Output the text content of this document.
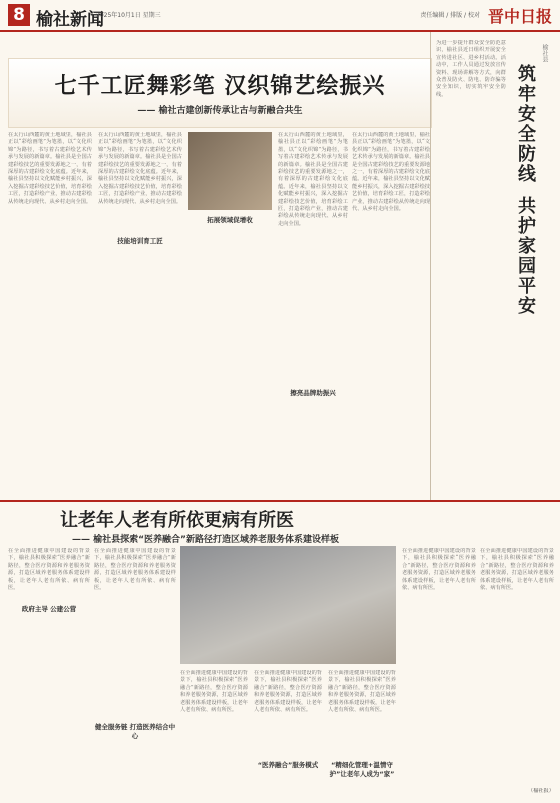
8 榆社新闻
2025年10月1日 星期三	责任编辑 / 排版 / 校对 晋中日报
七千工匠舞彩笔 汉织锦艺绘振兴
—— 榆社古建创新传承让古与新融合共生
在太行山西麓的黄土地域里，榆社县正以“彩绘画笔”为笔墨，以“文化织锦”为路径，书写着古建彩绘艺术传承与发展的新篇章。榆社县是全国古建彩绘技艺的重要发源地之一，有着深厚的古建彩绘文化底蕴。近年来，榆社县坚持以文化赋能乡村振兴，深入挖掘古建彩绘技艺价值，培育彩绘工匠，打造彩绘产业，推动古建彩绘从传统走向现代、从乡村走向全国。
在太行山西麓的黄土地域里，榆社县正以“彩绘画笔”为笔墨，以“文化织锦”为路径，书写着古建彩绘艺术传承与发展的新篇章。榆社县是全国古建彩绘技艺的重要发源地之一，有着深厚的古建彩绘文化底蕴。近年来，榆社县坚持以文化赋能乡村振兴，深入挖掘古建彩绘技艺价值，培育彩绘工匠，打造彩绘产业，推动古建彩绘从传统走向现代、从乡村走向全国。
在太行山西麓的黄土地域里，榆社县正以“彩绘画笔”为笔墨，以“文化织锦”为路径，书写着古建彩绘艺术传承与发展的新篇章。榆社县是全国古建彩绘技艺的重要发源地之一，有着深厚的古建彩绘文化底蕴。近年来，榆社县坚持以文化赋能乡村振兴，深入挖掘古建彩绘技艺价值，培育彩绘工匠，打造彩绘产业，推动古建彩绘从传统走向现代、从乡村走向全国。
在太行山西麓的黄土地域里，榆社县正以“彩绘画笔”为笔墨，以“文化织锦”为路径，书写着古建彩绘艺术传承与发展的新篇章。榆社县是全国古建彩绘技艺的重要发源地之一，有着深厚的古建彩绘文化底蕴。近年来，榆社县坚持以文化赋能乡村振兴，深入挖掘古建彩绘技艺价值，培育彩绘工匠，打造彩绘产业，推动古建彩绘从传统走向现代、从乡村走向全国。
技能培训育工匠
拓展领域促增收
擦亮品牌助振兴
榆社县
筑牢安全防线
共护家园平安
为进一步提升群众安全防范意识，榆社县近日组织开展安全宣传进社区、进乡村活动。活动中，工作人员通过发放宣传资料、现场讲解等方式，向群众普及防火、防电、防诈骗等安全知识，切实筑牢安全防线。
让老年人老有所依更病有所医
—— 榆社县探索“医养融合”新路径打造区域养老服务体系建设样板
在全面推进健康中国建设的背景下，榆社县积极探索“医养融合”新路径，整合医疗资源和养老服务资源，打造区域养老服务体系建设样板，让老年人老有所依、病有所医。
在全面推进健康中国建设的背景下，榆社县积极探索“医养融合”新路径，整合医疗资源和养老服务资源，打造区域养老服务体系建设样板，让老年人老有所依、病有所医。
在全面推进健康中国建设的背景下，榆社县积极探索“医养融合”新路径，整合医疗资源和养老服务资源，打造区域养老服务体系建设样板，让老年人老有所依、病有所医。
在全面推进健康中国建设的背景下，榆社县积极探索“医养融合”新路径，整合医疗资源和养老服务资源，打造区域养老服务体系建设样板，让老年人老有所依、病有所医。
在全面推进健康中国建设的背景下，榆社县积极探索“医养融合”新路径，整合医疗资源和养老服务资源，打造区域养老服务体系建设样板，让老年人老有所依、病有所医。
在全面推进健康中国建设的背景下，榆社县积极探索“医养融合”新路径，整合医疗资源和养老服务资源，打造区域养老服务体系建设样板，让老年人老有所依、病有所医。
在全面推进健康中国建设的背景下，榆社县积极探索“医养融合”新路径，整合医疗资源和养老服务资源，打造区域养老服务体系建设样板，让老年人老有所依、病有所医。
政府主导 公建公营
健全服务链 打造医养结合中心
“医养融合”服务模式	“精细化管理+温情守护”让老年人成为“家”
（榆社报）
